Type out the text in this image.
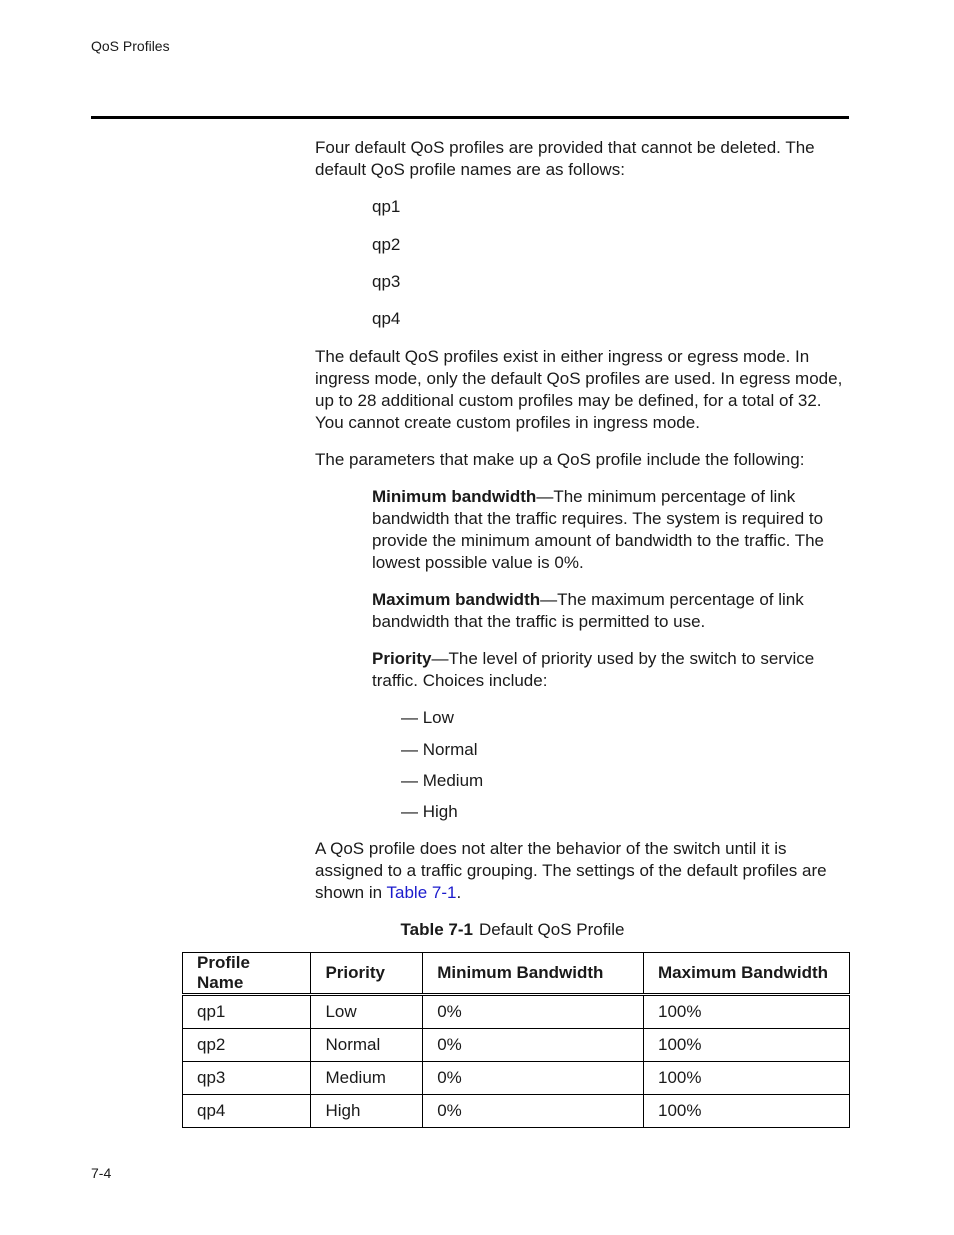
QoS Profiles
Four default QoS profiles are provided that cannot be deleted. The default QoS profile names are as follows:
qp1
qp2
qp3
qp4
The default QoS profiles exist in either ingress or egress mode. In ingress mode, only the default QoS profiles are used. In egress mode, up to 28 additional custom profiles may be defined, for a total of 32. You cannot create custom profiles in ingress mode.
The parameters that make up a QoS profile include the following:
Minimum bandwidth—The minimum percentage of link bandwidth that the traffic requires. The system is required to provide the minimum amount of bandwidth to the traffic. The lowest possible value is 0%.
Maximum bandwidth—The maximum percentage of link bandwidth that the traffic is permitted to use.
Priority—The level of priority used by the switch to service traffic. Choices include:
— Low
— Normal
— Medium
— High
A QoS profile does not alter the behavior of the switch until it is assigned to a traffic grouping. The settings of the default profiles are shown in Table 7-1.
Table 7-1 Default QoS Profile
Profile Name	Priority	Minimum Bandwidth	Maximum Bandwidth
qp1	Low	0%	100%
qp2	Normal	0%	100%
qp3	Medium	0%	100%
qp4	High	0%	100%
7-4
